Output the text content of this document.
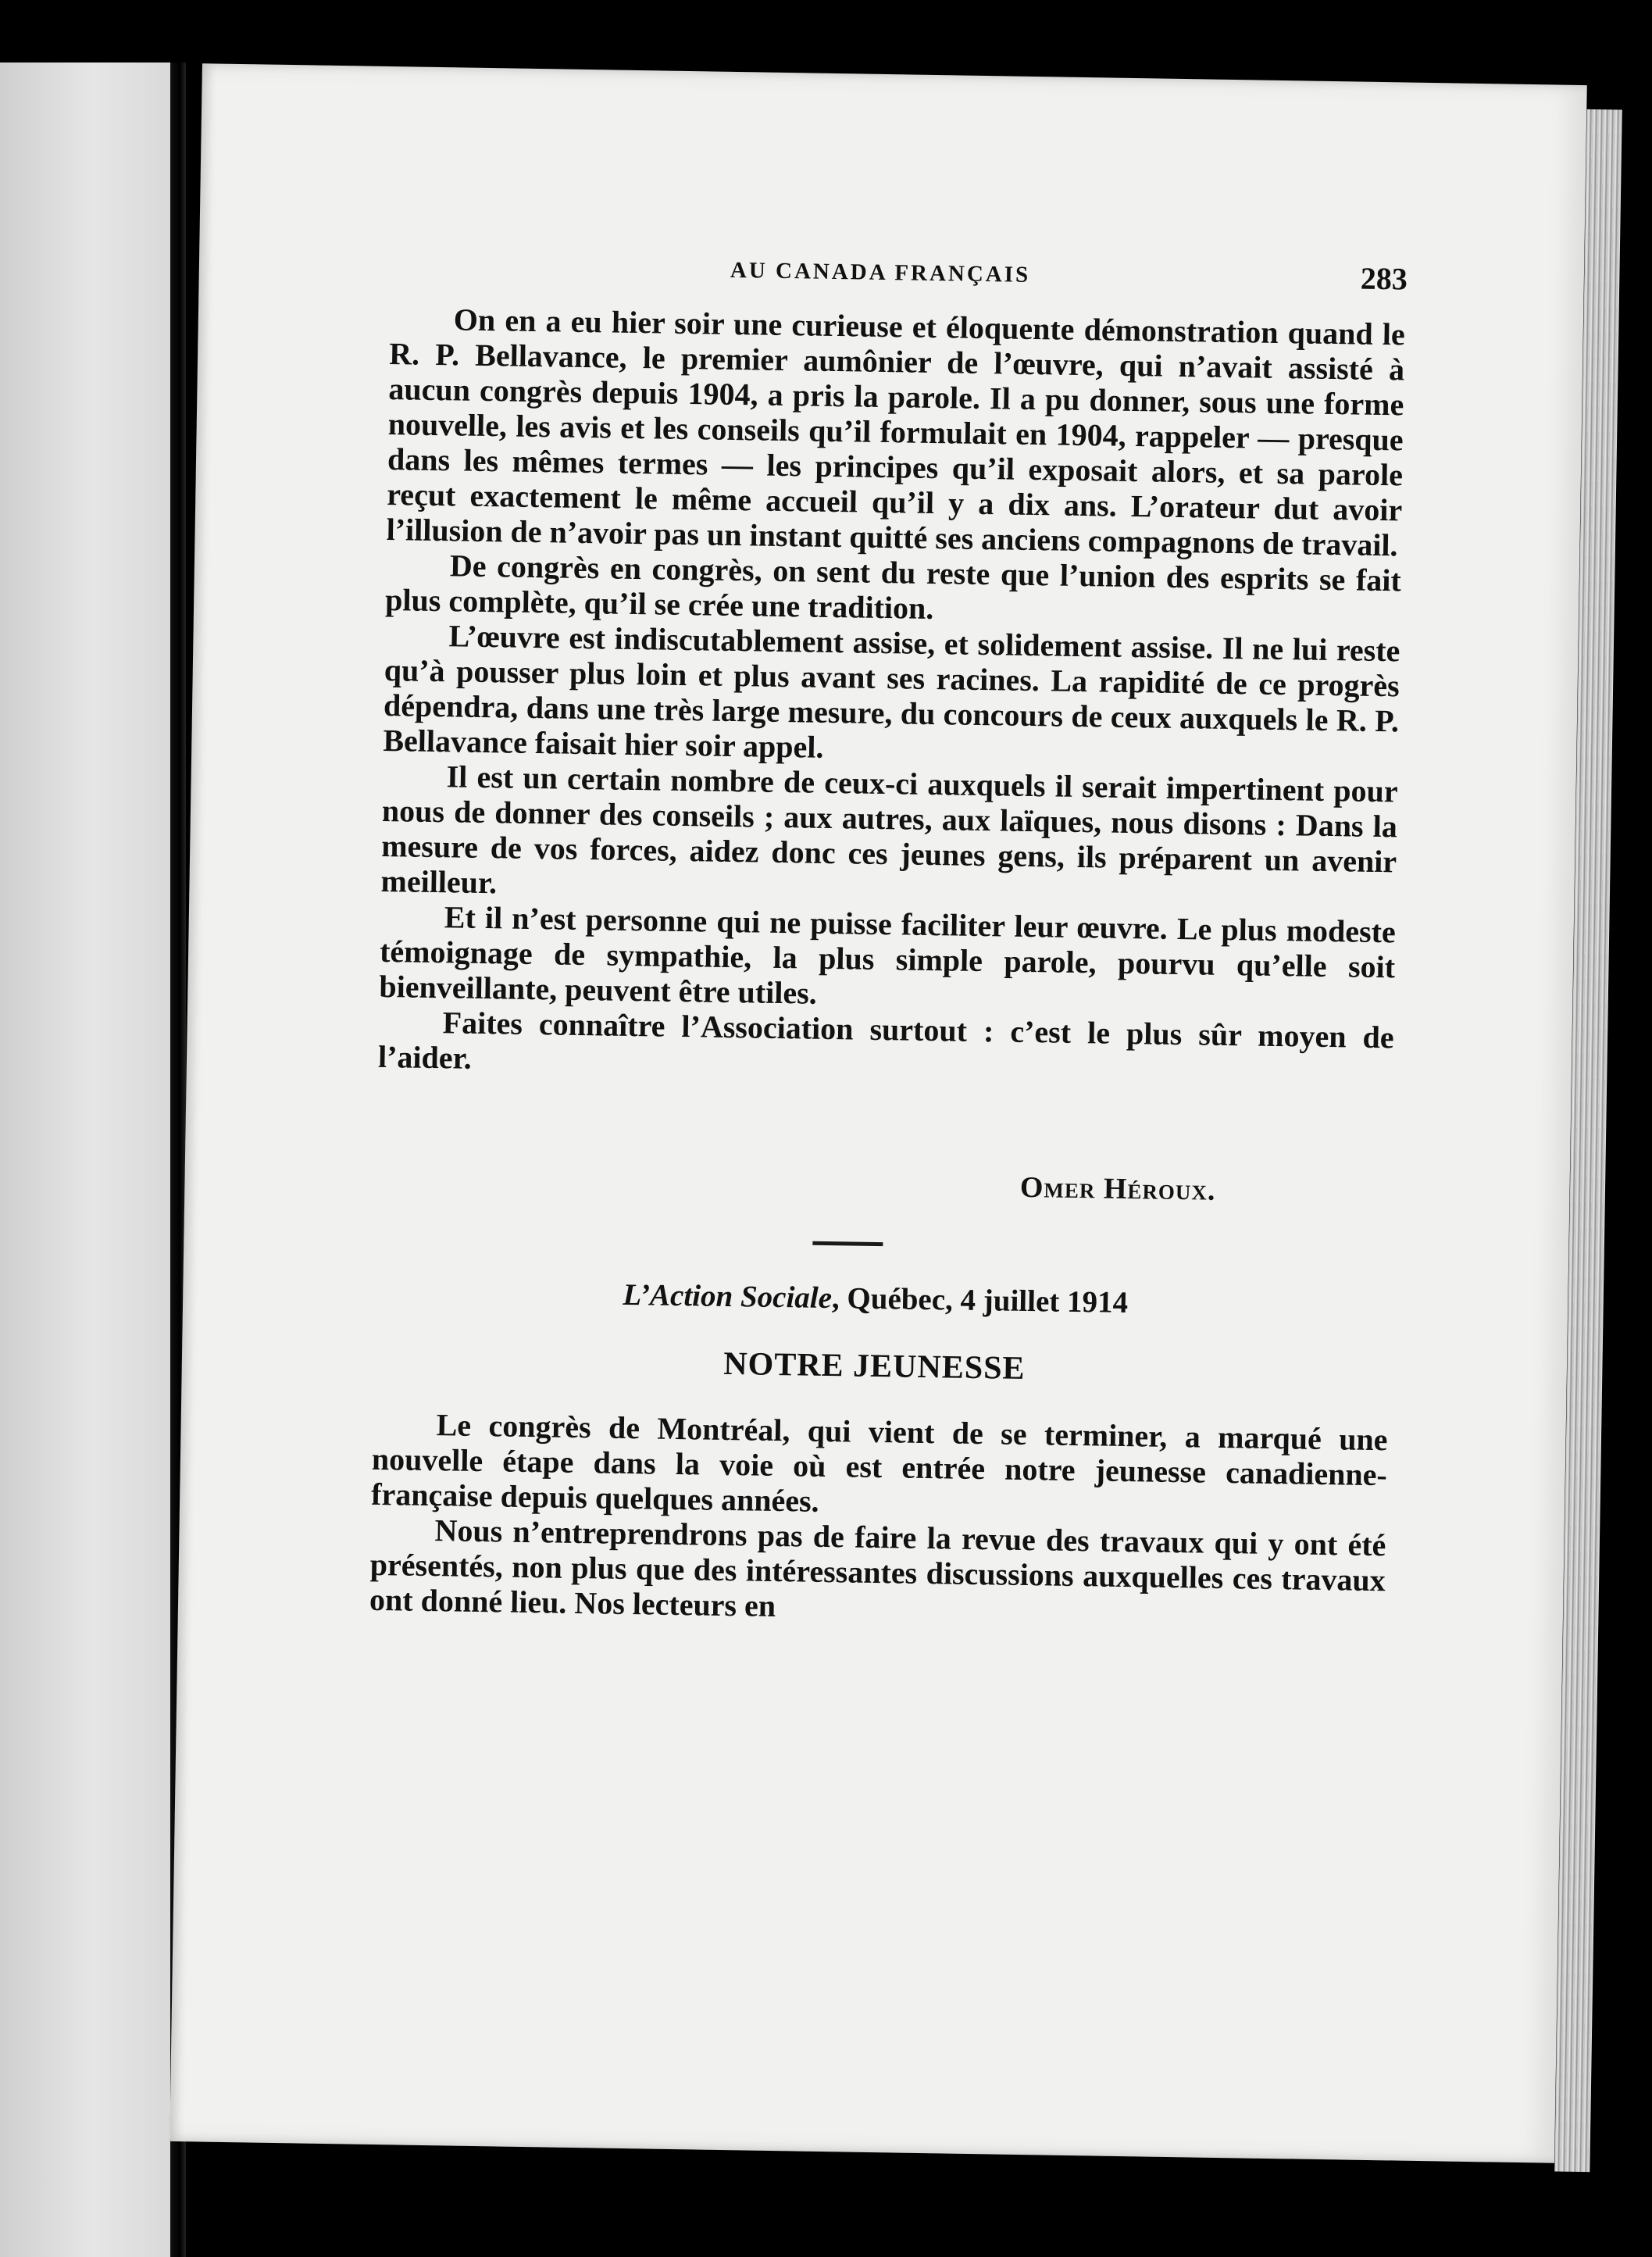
AU CANADA FRANÇAIS	283

On en a eu hier soir une curieuse et éloquente démonstration quand le R. P. Bellavance, le premier aumônier de l’œuvre, qui n’avait assisté à aucun congrès depuis 1904, a pris la parole. Il a pu donner, sous une forme nouvelle, les avis et les conseils qu’il formulait en 1904, rappeler — presque dans les mêmes termes — les principes qu’il exposait alors, et sa parole reçut exactement le même accueil qu’il y a dix ans. L’orateur dut avoir l’illusion de n’avoir pas un instant quitté ses anciens compagnons de travail.

De congrès en congrès, on sent du reste que l’union des esprits se fait plus complète, qu’il se crée une tradition.

L’œuvre est indiscutablement assise, et solidement assise. Il ne lui reste qu’à pousser plus loin et plus avant ses racines. La rapidité de ce progrès dépendra, dans une très large mesure, du concours de ceux auxquels le R. P. Bellavance faisait hier soir appel.

Il est un certain nombre de ceux-ci auxquels il serait impertinent pour nous de donner des conseils ; aux autres, aux laïques, nous disons : Dans la mesure de vos forces, aidez donc ces jeunes gens, ils préparent un avenir meilleur.

Et il n’est personne qui ne puisse faciliter leur œuvre. Le plus modeste témoignage de sympathie, la plus simple parole, pourvu qu’elle soit bienveillante, peuvent être utiles.

Faites connaître l’Association surtout : c’est le plus sûr moyen de l’aider.

Omer Héroux.
L’Action Sociale, Québec, 4 juillet 1914
NOTRE JEUNESSE

Le congrès de Montréal, qui vient de se terminer, a marqué une nouvelle étape dans la voie où est entrée notre jeunesse canadienne-française depuis quelques années.

Nous n’entreprendrons pas de faire la revue des travaux qui y ont été présentés, non plus que des intéressantes discussions auxquelles ces travaux ont donné lieu. Nos lecteurs en
